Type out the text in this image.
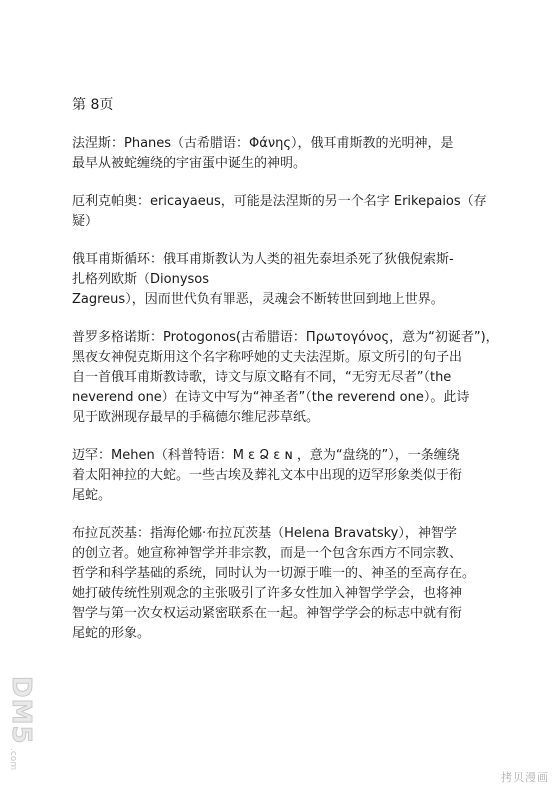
第 8页
法涅斯：Phanes（古希腊语：Φάνης），俄耳甫斯教的光明神，是
最早从被蛇缠绕的宇宙蛋中诞生的神明。
厄利克帕奥：ericayaeus，可能是法涅斯的另一个名字 Erikepaios（存
疑）
俄耳甫斯循环：俄耳甫斯教认为人类的祖先泰坦杀死了狄俄倪索斯-
扎格列欧斯（Dionysos
Zagreus），因而世代负有罪恶，灵魂会不断转世回到地上世界。
普罗多格诺斯：Protogonos(古希腊语：Πρωτογόνος，意为“初诞者”)，
黑夜女神倪克斯用这个名字称呼她的丈夫法涅斯。原文所引的句子出
自一首俄耳甫斯教诗歌，诗文与原文略有不同，“无穷无尽者”（the
neverend one）在诗文中写为“神圣者”（the reverend one）。此诗
见于欧洲现存最早的手稿德尔维尼莎草纸。
迈罕：Mehen（科普特语：Μ ε Ձ ε ɴ ，意为“盘绕的”），一条缠绕
着太阳神拉的大蛇。一些古埃及葬礼文本中出现的迈罕形象类似于衔
尾蛇。
布拉瓦茨基：指海伦娜·布拉瓦茨基（Helena Bravatsky），神智学
的创立者。她宣称神智学并非宗教，而是一个包含东西方不同宗教、
哲学和科学基础的系统，同时认为一切源于唯一的、神圣的至高存在。
她打破传统性别观念的主张吸引了许多女性加入神智学学会，也将神
智学与第一次女权运动紧密联系在一起。神智学学会的标志中就有衔
尾蛇的形象。
DM5
.com
拷贝漫画
